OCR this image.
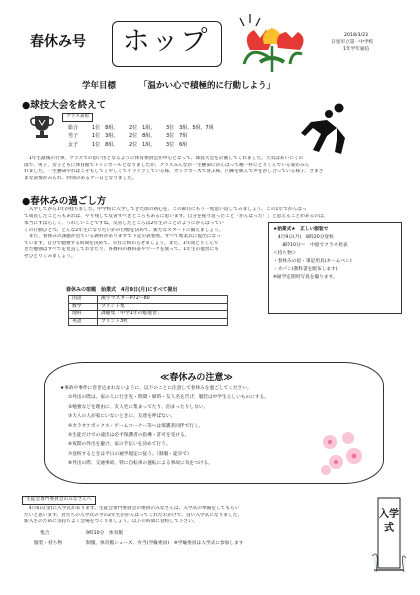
春休み号 ホップ	2018/3/23
日星市立第一中学校
1年学年通信
学年目標	「温かい心で積極的に行動しよう」
●球技大会を終えて
クラス表彰
総合	1位　8組、	2位　1組、	3位　3組、5組、7組
男子	1位　3組、	2位　8組、	3位　7組
女子	1位　8組、	2位　1組、	3位　6組
　1年生最後の行事、クラスでの思い出となるように体育委員会が中心となって、球技大会を計画してくれました。天気はあいにくの
雨で、男子、女子ともに体育館でドッジボールとなりましたが、クラスみんなが一生懸命にがんばって精一杯にとりくんでいる姿がみら
れました。一生懸命やればこそもしてくやしくてイライラしている様、ガッツポーズで喜ぶ様、円陣を組んで声をかし合っている様子、さまざ
まな表情がみられ、特別のあるアー日となりました。
●春休みの過ごし方
　入学してから1年が経ちました。中学校に入学してきた頃の初心を、この節目にもう一度思い返してみましょう。この1年でがんばっ
て成長したことろもあれば、やり残して反省すべきところもあるに思います。自分を振り返ったこと「がんばった！」と思えることがあるのは、
本当にすばらしく、うれしいことですね。反省したところは2年生のことのようにかんばってい
くの行動ひとつ。どんな2年生になりたいかの目標を決めて、新たなスタートに備えましょう。
　また、春休みの課題が出ている教科がありますで下記の表参照。すべて始業式に提出になっ
ています。自分で勉強する時間を決めて、早目に終わらせましょう。また、1年間とりくんで
きた勉強はすべてを見直しておきたり、各教科の教科書やワークを使って、1年生の復習にも
ぜひとりくみましょう。
春休みの宿題　始業式　4月9日(月)にすべて提出
国語	漢字マスターP72～80
数学	プリント集
理科	課題集「中学1年の総復習」
英語	プリント3枚
★始業式★　正しい服装で
　4月9日(月)　8時20分登校
　　8時10分～　中庭でクラス発表
＜持ち物＞
・春休みの宿・筆記用具(ネームペン)
・カバン(教科書を配布します)
※通学定期用写真を撮ります。
≪春休みの注意≫
★事故や事件に巻き込まれないように、以下のことに注意して春休みを過ごしてください。
①外出の際は、家の人に行き先・時間・帰時・友人名を告げ、服装は中学生らしいものにする。
②勉強などを理由に、友人宅に集まってたり、泊まったりしない。
③大人の人が家にいないときに、友達を呼ばない。
④カラオケボックス・ゲームコーナー等へは保護者同伴で行く。
⑤生徒だけでの遠出は必ず保護者の指導・許可を受ける。
⑥夜間の外出を避け、家の手伝いを決めて行う。
⑦登校するときは平日の通学規定に従う。（制服・徒歩で）
⑧外出の際、交通事故、特に自転車の運転による事故に気をつける。
生徒会専門委員会のみなさんへ
　4月6日(金)に入学式があります。生徒会専門委員会の委員のみなさんは、入学式の準備をしてもらい
たいと思います。君たちの入学式の今の2年生ががんばってくれたおかげで、良い入学式になりました。
新入生のために気持ちよく会場をつくりましょう。以下の時間に登校して下さい。
集合	9時10分　体育館
服装・持ち物	制服、体育館シューズ、弁当(学級委員)　※学級委員は入学式に参加します
入学式
